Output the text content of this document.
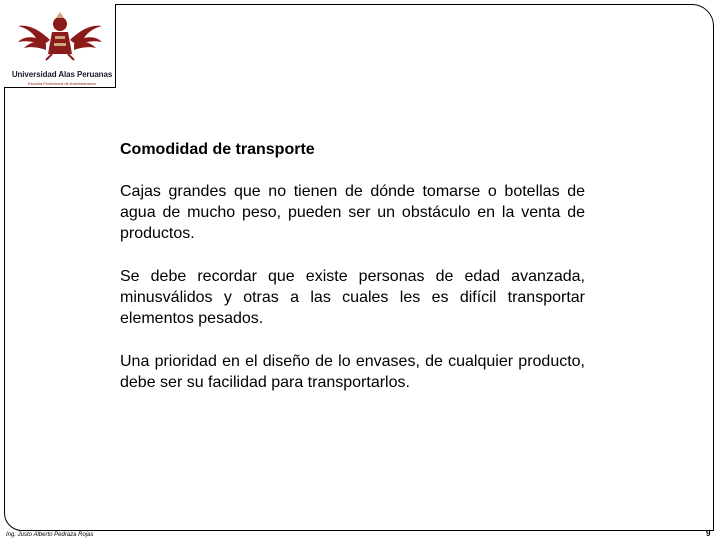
Universidad Alas Peruanas
Escuela Profesional de Administración
Comodidad de transporte

Cajas grandes que no tienen de dónde tomarse o botellas de agua de mucho peso, pueden ser un obstáculo en la venta de productos.

Se debe recordar que existe personas de edad avanzada, minusválidos y otras a las cuales les es difícil transportar elementos pesados.

Una prioridad en el diseño de lo envases, de cualquier producto, debe ser su facilidad para transportarlos.

Ing. Justo Alberto Pedraza Rojas	9
